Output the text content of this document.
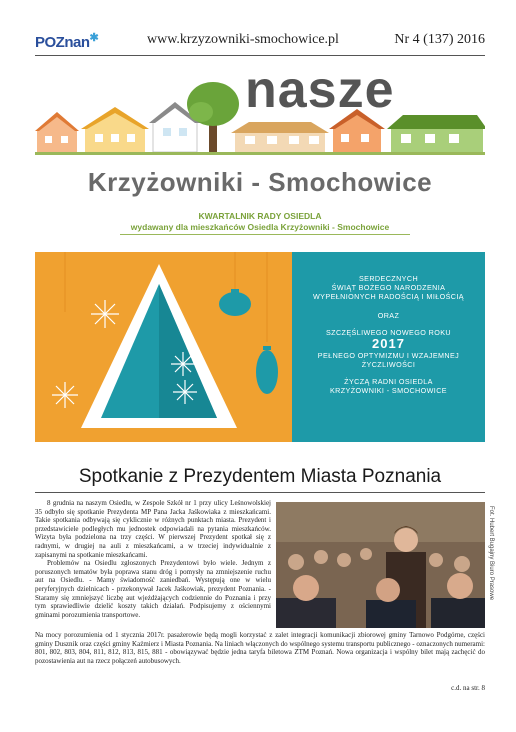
POZnan✱	www.krzyzowniki-smochowice.pl	Nr 4 (137) 2016
nasze
Krzyżowniki - Smochowice
KWARTALNIK RADY OSIEDLA
wydawany dla mieszkańców Osiedla Krzyżowniki - Smochowice
SERDECZNYCH
ŚWIĄT BOŻEGO NARODZENIA
WYPEŁNIONYCH RADOŚCIĄ I MIŁOŚCIĄ
ORAZ
SZCZĘŚLIWEGO NOWEGO ROKU
2017
PEŁNEGO OPTYMIZMU I WZAJEMNEJ
ŻYCZLIWOŚCI
ŻYCZĄ RADNI OSIEDLA
KRZYŻOWNIKI - SMOCHOWICE
Spotkanie z Prezydentem Miasta Poznania

8 grudnia na naszym Osiedlu, w Zespole Szkół nr 1 przy ulicy Leśnowolskiej 35 odbyło się spotkanie Prezydenta MP Pana Jacka Jaśkowiaka z mieszkańcami. Takie spotkania odbywają się cyklicznie w różnych punktach miasta. Prezydent i przedstawiciele podległych mu jednostek odpowiadali na pytania mieszkańców. Wizyta była podzielona na trzy części. W pierwszej Prezydent spotkał się z radnymi, w drugiej na auli z mieszkańcami, a w trzeciej indywidualnie z zapisanymi na spotkanie mieszkańcami.

Problemów na Osiedlu zgłoszonych Prezydentowi było wiele. Jednym z poruszonych tematów była poprawa stanu dróg i pomysły na zmniejszenie ruchu aut na Osiedlu. - Mamy świadomość zaniedbań. Występują one w wielu peryferyjnych dzielnicach - przekonywał Jacek Jaśkowiak, prezydent Poznania. - Staramy się zmniejszyć liczbę aut wjeżdżających codziennie do Poznania i przy tym sprawiedliwie dzielić koszty takich działań. Podpisujemy z ościennymi gminami porozumienia transportowe.

Fot. Hubert Bugajny Biuro Prasowe
Na mocy porozumienia od 1 stycznia 2017r. pasażerowie będą mogli korzystać z zalet integracji komunikacji zbiorowej gminy Tarnowo Podgórne, części gminy Dusznik oraz części gminy Kaźmierz i Miasta Poznania. Na liniach włączonych do wspólnego systemu transportu publicznego - oznaczonych numerami: 801, 802, 803, 804, 811, 812, 813, 815, 881 - obowiązywać będzie jedna taryfa biletowa ZTM Poznań. Nowa organizacja i wspólny bilet mają zachęcić do pozostawienia aut na rzecz połączeń autobusowych.
c.d. na str. 8
